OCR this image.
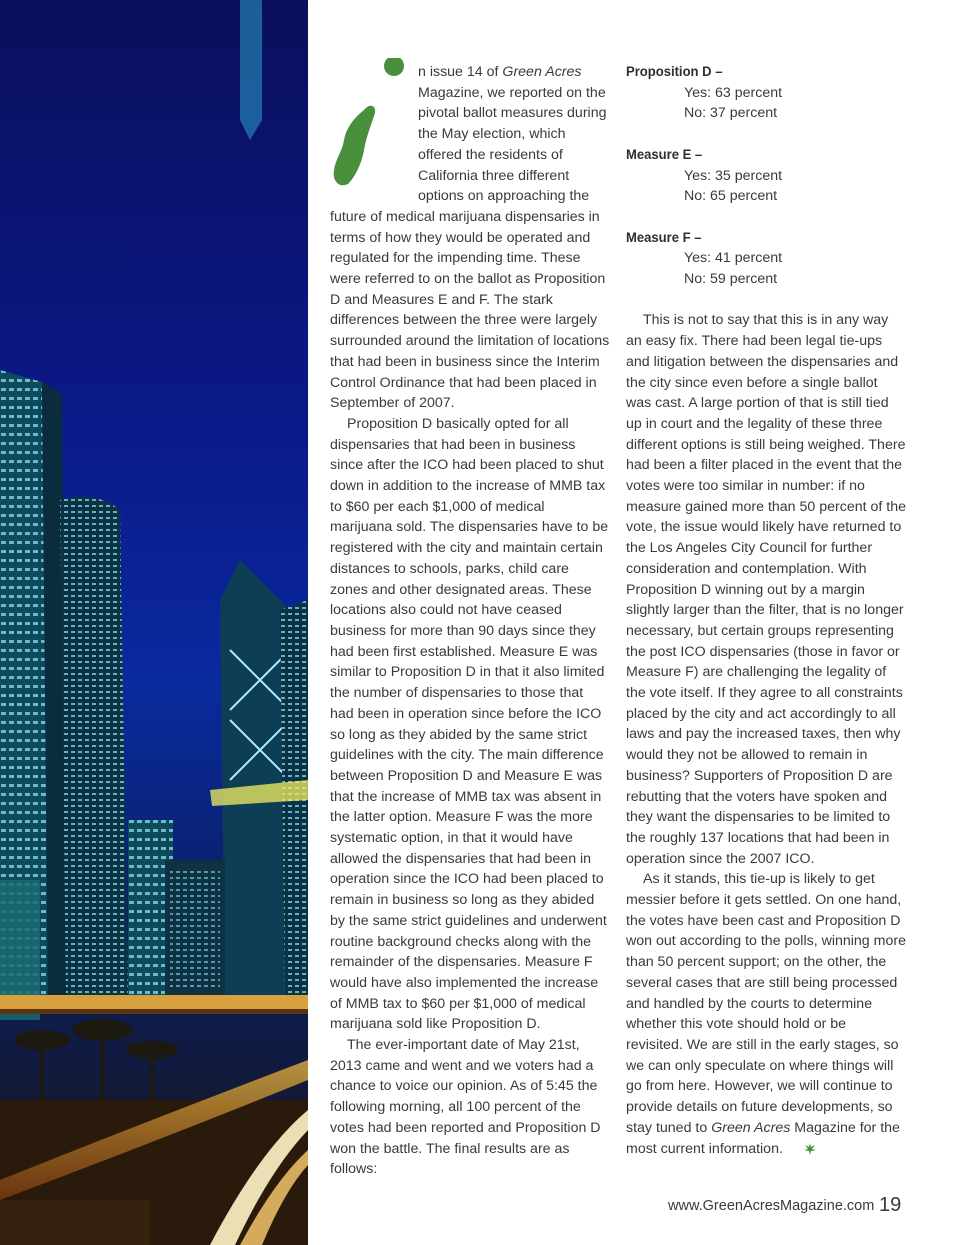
n issue 14 of Green Acres
Magazine, we reported on the
pivotal ballot measures during
the May election, which
offered the residents of
California three different
options on approaching the
future of medical marijuana dispensaries in terms of how they would be operated and regulated for the impending time. These were referred to on the ballot as Proposition D and Measures E and F. The stark differences between the three were largely surrounded around the limitation of locations that had been in business since the Interim Control Ordinance that had been placed in September of 2007.

Proposition D basically opted for all dispensaries that had been in business since after the ICO had been placed to shut down in addition to the increase of MMB tax to $60 per each $1,000 of medical marijuana sold. The dispensaries have to be registered with the city and maintain certain distances to schools, parks, child care zones and other designated areas. These locations also could not have ceased business for more than 90 days since they had been first established. Measure E was similar to Proposition D in that it also limited the number of dispensaries to those that had been in operation since before the ICO so long as they abided by the same strict guidelines with the city. The main difference between Proposition D and Measure E was that the increase of MMB tax was absent in the latter option. Measure F was the more systematic option, in that it would have allowed the dispensaries that had been in operation since the ICO had been placed to remain in business so long as they abided by the same strict guidelines and underwent routine background checks along with the remainder of the dispensaries. Measure F would have also implemented the increase of MMB tax to $60 per $1,000 of medical marijuana sold like Proposition D.

The ever-important date of May 21st, 2013 came and went and we voters had a chance to voice our opinion. As of 5:45 the following morning, all 100 percent of the votes had been reported and Proposition D won the battle. The final results are as follows:

Proposition D –
Yes: 63 percent
No: 37 percent
Measure E –
Yes: 35 percent
No: 65 percent
Measure F –
Yes: 41 percent
No: 59 percent

This is not to say that this is in any way an easy fix. There had been legal tie-ups and litigation between the dispensaries and the city since even before a single ballot was cast. A large portion of that is still tied up in court and the legality of these three different options is still being weighed. There had been a filter placed in the event that the votes were too similar in number: if no measure gained more than 50 percent of the vote, the issue would likely have returned to the Los Angeles City Council for further consideration and contemplation. With Proposition D winning out by a margin slightly larger than the filter, that is no longer necessary, but certain groups representing the post ICO dispensaries (those in favor or Measure F) are challenging the legality of the vote itself. If they agree to all constraints placed by the city and act accordingly to all laws and pay the increased taxes, then why would they not be allowed to remain in business? Supporters of Proposition D are rebutting that the voters have spoken and they want the dispensaries to be limited to the roughly 137 locations that had been in operation since the 2007 ICO.

As it stands, this tie-up is likely to get messier before it gets settled. On one hand, the votes have been cast and Proposition D won out according to the polls, winning more than 50 percent support; on the other, the several cases that are still being processed and handled by the courts to determine whether this vote should hold or be revisited. We are still in the early stages, so we can only speculate on where things will go from here. However, we will continue to provide details on future developments, so stay tuned to Green Acres Magazine for the most current information.

www.GreenAcresMagazine.com 19
